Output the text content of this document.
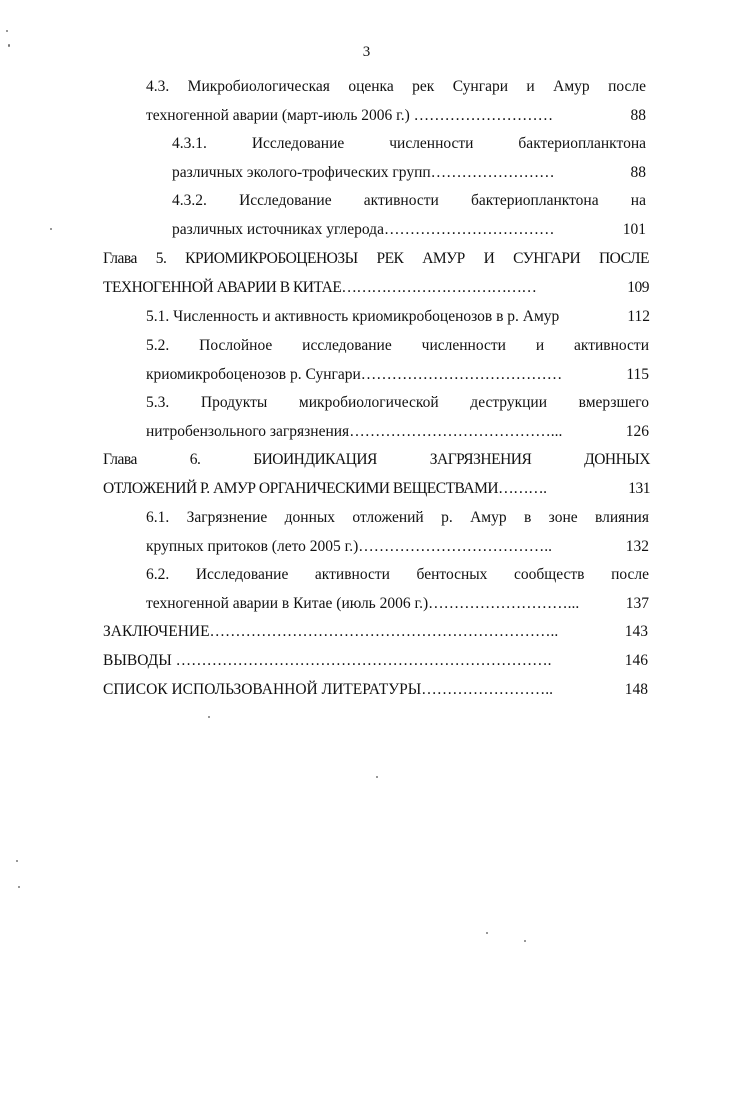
3
4.3. Микробиологическая оценка рек Сунгари и Амур после
техногенной аварии (март-июль 2006 г.) ………………………	88
4.3.1. Исследование численности бактериопланктона
различных эколого-трофических групп……………………	88
4.3.2. Исследование активности бактериопланктона на
различных источниках углерода……………………………	101
Глава 5. КРИОМИКРОБОЦЕНОЗЫ РЕК АМУР И СУНГАРИ ПОСЛЕ
ТЕХНОГЕННОЙ АВАРИИ В КИТАЕ…………………………………	109
5.1. Численность и активность криомикробоценозов в р. Амур	112
5.2. Послойное исследование численности и активности
криомикробоценозов р. Сунгари…………………………………	115
5.3. Продукты микробиологической деструкции вмерзшего
нитробензольного загрязнения…………………………………...	126
Глава 6. БИОИНДИКАЦИЯ ЗАГРЯЗНЕНИЯ ДОННЫХ
ОТЛОЖЕНИЙ Р. АМУР ОРГАНИЧЕСКИМИ ВЕЩЕСТВАМИ……….	131
6.1. Загрязнение донных отложений р. Амур в зоне влияния
крупных притоков (лето 2005 г.)………………………………..	132
6.2. Исследование активности бентосных сообществ после
техногенной аварии в Китае (июль 2006 г.)………………………...	137
ЗАКЛЮЧЕНИЕ…………………………………………………………..	143
ВЫВОДЫ ……………………………………………………………….	146
СПИСОК ИСПОЛЬЗОВАННОЙ ЛИТЕРАТУРЫ……………………..	148
